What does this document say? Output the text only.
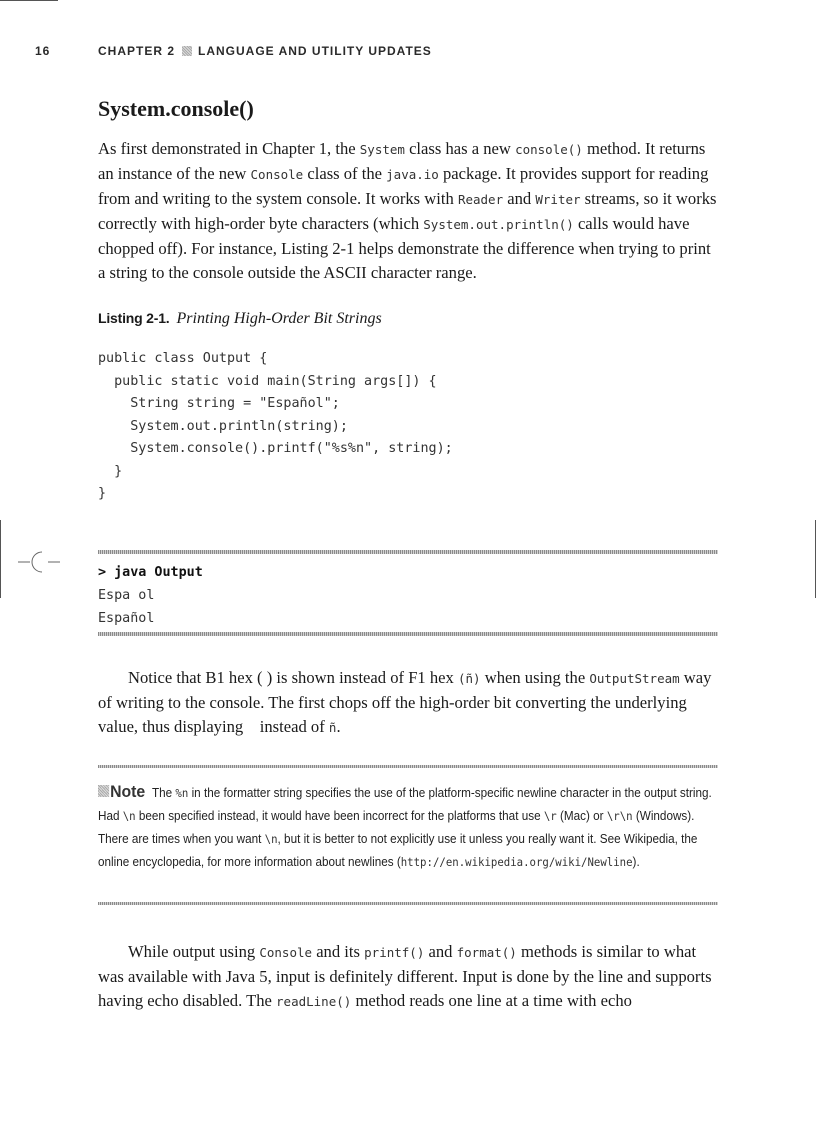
16	CHAPTER 2 LANGUAGE AND UTILITY UPDATES
System.console()
As first demonstrated in Chapter 1, the System class has a new console() method. It returns an instance of the new Console class of the java.io package. It provides support for reading from and writing to the system console. It works with Reader and Writer streams, so it works correctly with high-order byte characters (which System.out.println() calls would have chopped off). For instance, Listing 2-1 helps demonstrate the difference when trying to print a string to the console outside the ASCII character range.
Listing 2-1. Printing High-Order Bit Strings
public class Output {
public static void main(String args[]) {
String string = "Español";
System.out.println(string);
System.console().printf("%s%n", string);
}
}
> java Output
Espa ol
Español
Notice that B1 hex ( ) is shown instead of F1 hex (ñ) when using the OutputStream way of writing to the console. The first chops off the high-order bit converting the underlying value, thus displaying    instead of ñ.
Note The %n in the formatter string specifies the use of the platform-specific newline character in the output string. Had \n been specified instead, it would have been incorrect for the platforms that use \r (Mac) or \r\n (Windows). There are times when you want \n, but it is better to not explicitly use it unless you really want it. See Wikipedia, the online encyclopedia, for more information about newlines (http://en.wikipedia.org/wiki/Newline).
While output using Console and its printf() and format() methods is similar to what was available with Java 5, input is definitely different. Input is done by the line and supports having echo disabled. The readLine() method reads one line at a time with echo
